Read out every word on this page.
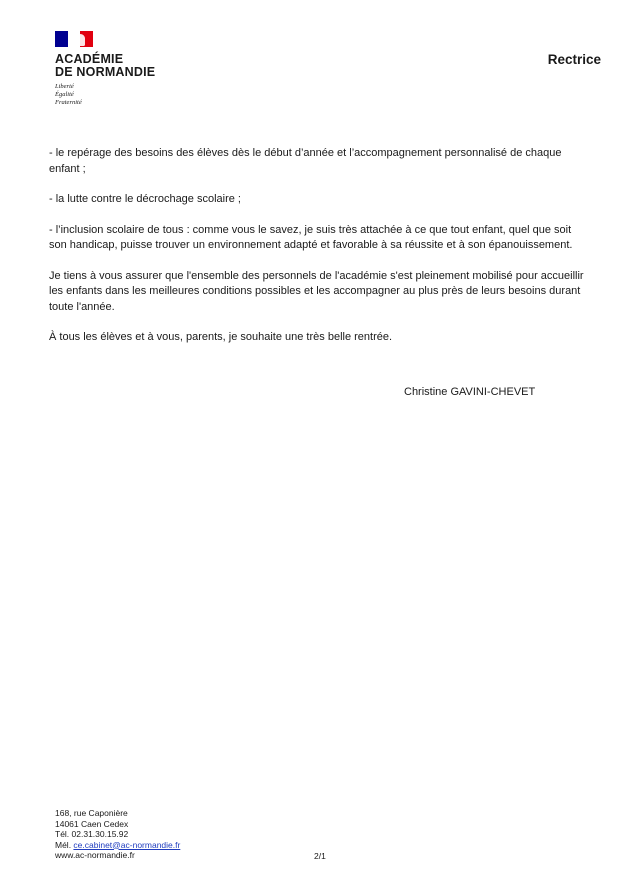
ACADÉMIE
DE NORMANDIE
Liberté
Égalité
Fraternité
Rectrice

- le repérage des besoins des élèves dès le début d’année et l’accompagnement personnalisé de chaque enfant ;

- la lutte contre le décrochage scolaire ;

- l’inclusion scolaire de tous : comme vous le savez, je suis très attachée à ce que tout enfant, quel que soit son handicap, puisse trouver un environnement adapté et favorable à sa réussite et à son épanouissement.

Je tiens à vous assurer que l'ensemble des personnels de l'académie s'est pleinement mobilisé pour accueillir les enfants dans les meilleures conditions possibles et les accompagner au plus près de leurs besoins durant toute l'année.

À tous les élèves et à vous, parents, je souhaite une très belle rentrée.

Christine GAVINI-CHEVET
168, rue Caponière
14061 Caen Cedex
Tél. 02.31.30.15.92
Mél. ce.cabinet@ac-normandie.fr
www.ac-normandie.fr	2/1
